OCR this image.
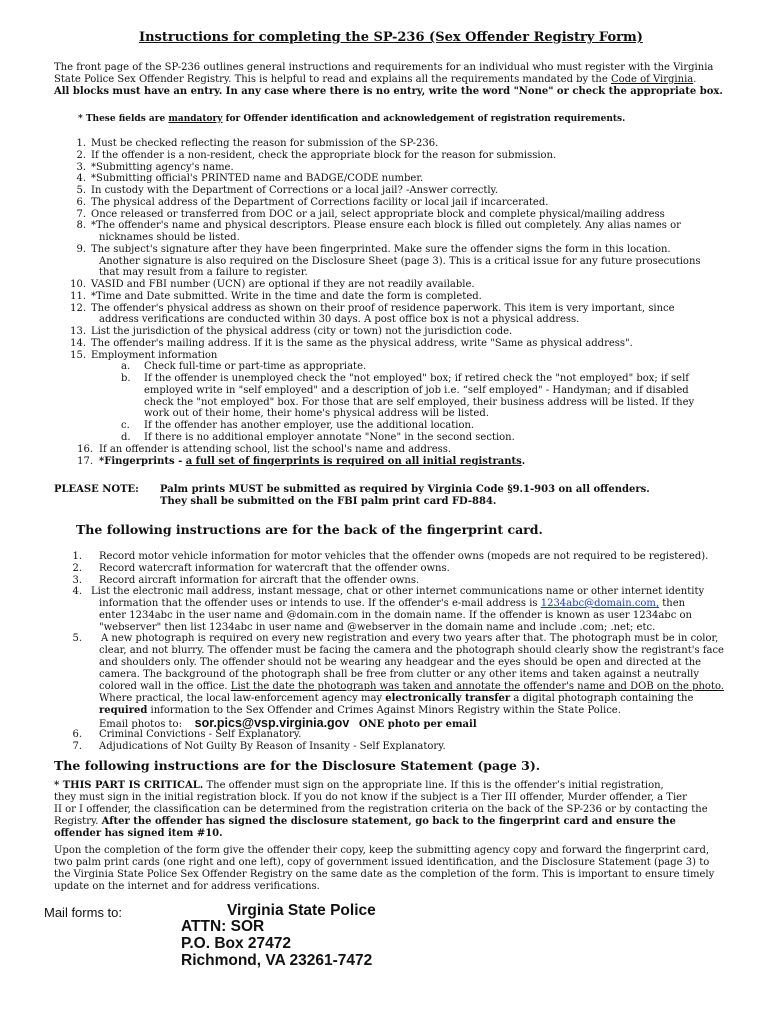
Instructions for completing the SP-236 (Sex Offender Registry Form)
The front page of the SP-236 outlines general instructions and requirements for an individual who must register with the Virginia
State Police Sex Offender Registry. This is helpful to read and explains all the requirements mandated by the Code of Virginia.
All blocks must have an entry. In any case where there is no entry, write the word "None" or check the appropriate box.
* These fields are mandatory for Offender identification and acknowledgement of registration requirements.
1. Must be checked reflecting the reason for submission of the SP-236.
2. If the offender is a non-resident, check the appropriate block for the reason for submission.
3. *Submitting agency's name.
4. *Submitting official's PRINTED name and BADGE/CODE number.
5. In custody with the Department of Corrections or a local jail? -Answer correctly.
6. The physical address of the Department of Corrections facility or local jail if incarcerated.
7. Once released or transferred from DOC or a jail, select appropriate block and complete physical/mailing address
8. *The offender's name and physical descriptors. Please ensure each block is filled out completely. Any alias names or
nicknames should be listed.
9. The subject's signature after they have been fingerprinted. Make sure the offender signs the form in this location.
Another signature is also required on the Disclosure Sheet (page 3). This is a critical issue for any future prosecutions
that may result from a failure to register.
10. VASID and FBI number (UCN) are optional if they are not readily available.
11. *Time and Date submitted. Write in the time and date the form is completed.
12. The offender's physical address as shown on their proof of residence paperwork. This item is very important, since
address verifications are conducted within 30 days. A post office box is not a physical address.
13. List the jurisdiction of the physical address (city or town) not the jurisdiction code.
14. The offender's mailing address. If it is the same as the physical address, write "Same as physical address".
15. Employment information
a. Check full-time or part-time as appropriate.
b. If the offender is unemployed check the "not employed" box; if retired check the "not employed" box; if self
employed write in "self employed" and a description of job i.e. “self employed" - Handyman; and if disabled
check the "not employed" box. For those that are self employed, their business address will be listed. If they
work out of their home, their home's physical address will be listed.
c. If the offender has another employer, use the additional location.
d. If there is no additional employer annotate "None" in the second section.
16. If an offender is attending school, list the school's name and address.
17. *Fingerprints - a full set of fingerprints is required on all initial registrants.
PLEASE NOTE: Palm prints MUST be submitted as required by Virginia Code §9.1-903 on all offenders.
They shall be submitted on the FBI palm print card FD-884.
The following instructions are for the back of the fingerprint card.
1. Record motor vehicle information for motor vehicles that the offender owns (mopeds are not required to be registered).
2. Record watercraft information for watercraft that the offender owns.
3. Record aircraft information for aircraft that the offender owns.
4. List the electronic mail address, instant message, chat or other internet communications name or other internet identity
information that the offender uses or intends to use. If the offender's e-mail address is 1234abc@domain.com, then
enter 1234abc in the user name and @domain.com in the domain name. If the offender is known as user 1234abc on
"webserver" then list 1234abc in user name and @webserver in the domain name and include .com; .net; etc.
5. A new photograph is required on every new registration and every two years after that. The photograph must be in color,
clear, and not blurry. The offender must be facing the camera and the photograph should clearly show the registrant's face
and shoulders only. The offender should not be wearing any headgear and the eyes should be open and directed at the
camera. The background of the photograph shall be free from clutter or any other items and taken against a neutrally
colored wall in the office. List the date the photograph was taken and annotate the offender's name and DOB on the photo.
Where practical, the local law-enforcement agency may electronically transfer a digital photograph containing the
required information to the Sex Offender and Crimes Against Minors Registry within the State Police.
Email photos to: sor.pics@vsp.virginia.gov ONE photo per email
6. Criminal Convictions - Self Explanatory.
7. Adjudications of Not Guilty By Reason of Insanity - Self Explanatory.
The following instructions are for the Disclosure Statement (page 3).
* THIS PART IS CRITICAL. The offender must sign on the appropriate line. If this is the offender’s initial registration,
they must sign in the initial registration block. If you do not know if the subject is a Tier III offender, Murder offender, a Tier
II or I offender, the classification can be determined from the registration criteria on the back of the SP-236 or by contacting the
Registry. After the offender has signed the disclosure statement, go back to the fingerprint card and ensure the
offender has signed item #10.
Upon the completion of the form give the offender their copy, keep the submitting agency copy and forward the fingerprint card,
two palm print cards (one right and one left), copy of government issued identification, and the Disclosure Statement (page 3) to
the Virginia State Police Sex Offender Registry on the same date as the completion of the form. This is important to ensure timely
update on the internet and for address verifications.
Mail forms to:	Virginia State Police
ATTN: SOR
P.O. Box 27472
Richmond, VA 23261-7472
